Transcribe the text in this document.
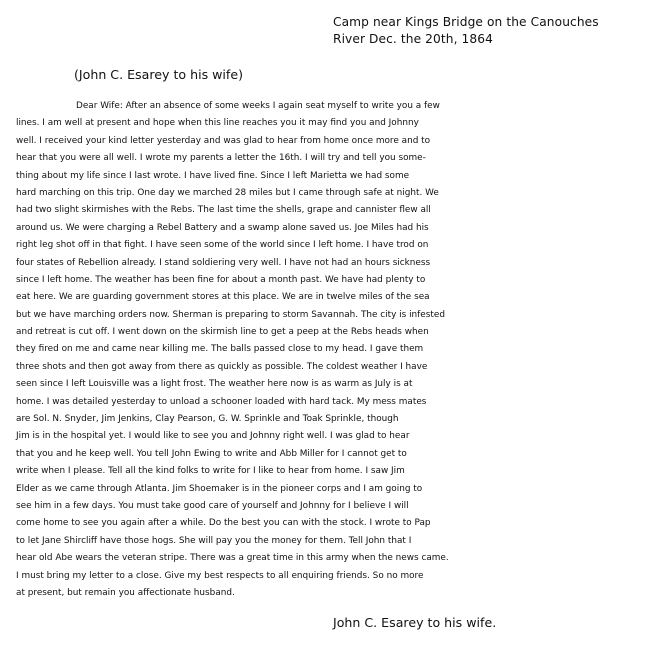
Camp near Kings Bridge on the Canouches
River Dec. the 20th, 1864
(John C. Esarey to his wife)
Dear Wife: After an absence of some weeks I again seat myself to write you a few
lines. I am well at present and hope when this line reaches you it may find you and Johnny
well. I received your kind letter yesterday and was glad to hear from home once more and to
hear that you were all well. I wrote my parents a letter the 16th. I will try and tell you some-
thing about my life since I last wrote. I have lived fine. Since I left Marietta we had some
hard marching on this trip. One day we marched 28 miles but I came through safe at night. We
had two slight skirmishes with the Rebs. The last time the shells, grape and cannister flew all
around us. We were charging a Rebel Battery and a swamp alone saved us. Joe Miles had his
right leg shot off in that fight. I have seen some of the world since I left home. I have trod on
four states of Rebellion already. I stand soldiering very well. I have not had an hours sickness
since I left home. The weather has been fine for about a month past. We have had plenty to
eat here. We are guarding government stores at this place. We are in twelve miles of the sea
but we have marching orders now. Sherman is preparing to storm Savannah. The city is infested
and retreat is cut off. I went down on the skirmish line to get a peep at the Rebs heads when
they fired on me and came near killing me. The balls passed close to my head. I gave them
three shots and then got away from there as quickly as possible. The coldest weather I have
seen since I left Louisville was a light frost. The weather here now is as warm as July is at
home. I was detailed yesterday to unload a schooner loaded with hard tack. My mess mates
are Sol. N. Snyder, Jim Jenkins, Clay Pearson, G. W. Sprinkle and Toak Sprinkle, though
Jim is in the hospital yet. I would like to see you and Johnny right well. I was glad to hear
that you and he keep well. You tell John Ewing to write and Abb Miller for I cannot get to
write when I please. Tell all the kind folks to write for I like to hear from home. I saw Jim
Elder as we came through Atlanta. Jim Shoemaker is in the pioneer corps and I am going to
see him in a few days. You must take good care of yourself and Johnny for I believe I will
come home to see you again after a while. Do the best you can with the stock. I wrote to Pap
to let Jane Shircliff have those hogs. She will pay you the money for them. Tell John that I
hear old Abe wears the veteran stripe. There was a great time in this army when the news came.
I must bring my letter to a close. Give my best respects to all enquiring friends. So no more
at present, but remain you affectionate husband.
John C. Esarey to his wife.
